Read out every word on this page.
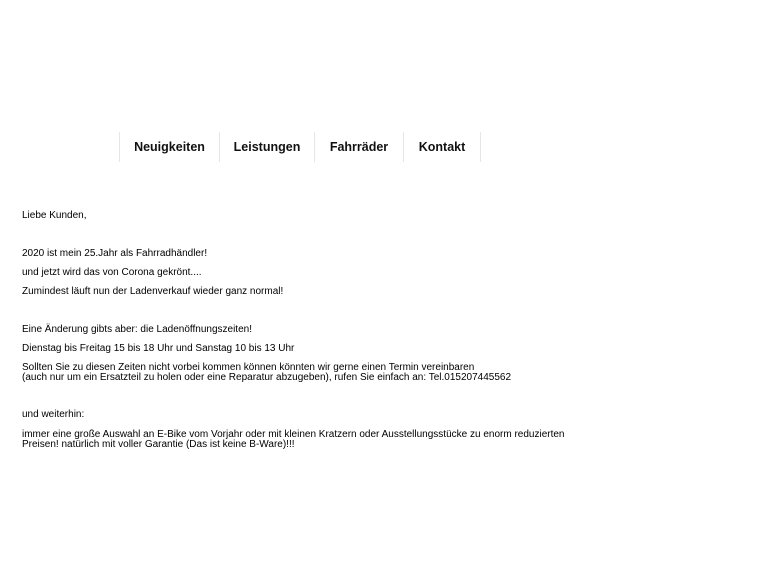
Neuigkeiten Leistungen Fahrräder Kontakt

Liebe Kunden,

2020 ist mein 25.Jahr als Fahrradhändler!

und jetzt wird das von Corona gekrönt....

Zumindest läuft nun der Ladenverkauf wieder ganz normal!

Eine Änderung gibts aber: die Ladenöffnungszeiten!

Dienstag bis Freitag 15 bis 18 Uhr und Sanstag 10 bis 13 Uhr

Sollten Sie zu diesen Zeiten nicht vorbei kommen können könnten wir gerne einen Termin vereinbaren

(auch nur um ein Ersatzteil zu holen oder eine Reparatur abzugeben), rufen Sie einfach an: Tel.015207445562

und weiterhin:

immer eine große Auswahl an E-Bike vom Vorjahr oder mit kleinen Kratzern oder Ausstellungsstücke zu enorm reduzierten

Preisen! natürlich mit voller Garantie (Das ist keine B-Ware)!!!
